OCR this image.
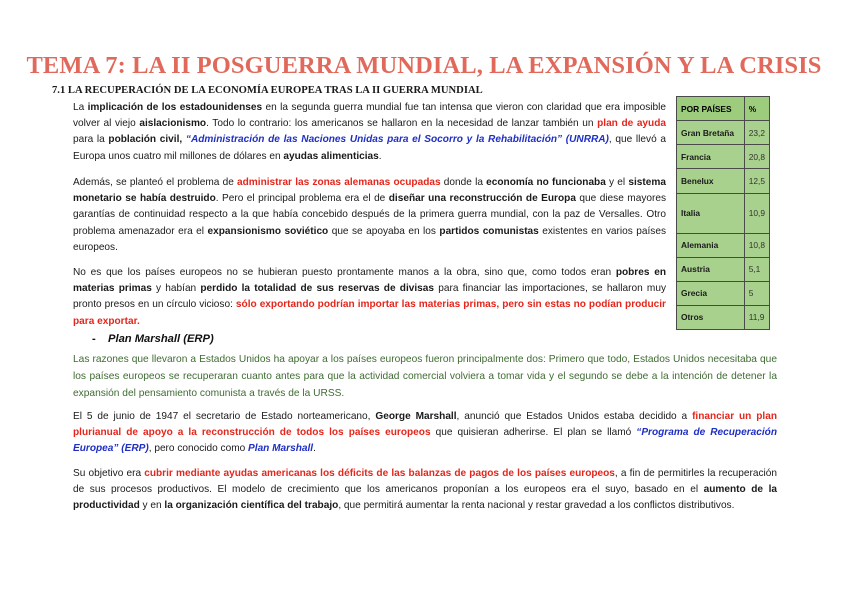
TEMA 7: LA II POSGUERRA MUNDIAL, LA EXPANSIÓN Y LA CRISIS
7.1 LA RECUPERACIÓN DE LA ECONOMÍA EUROPEA TRAS LA II GUERRA MUNDIAL

La implicación de los estadounidenses en la segunda guerra mundial fue tan intensa que vieron con claridad que era imposible volver al viejo aislacionismo. Todo lo contrario: los americanos se hallaron en la necesidad de lanzar también un plan de ayuda para la población civil, “Administración de las Naciones Unidas para el Socorro y la Rehabilitación” (UNRRA), que llevó a Europa unos cuatro mil millones de dólares en ayudas alimenticias.

Además, se planteó el problema de administrar las zonas alemanas ocupadas donde la economía no funcionaba y el sistema monetario se había destruido. Pero el principal problema era el de diseñar una reconstrucción de Europa que diese mayores garantías de continuidad respecto a la que había concebido después de la primera guerra mundial, con la paz de Versalles. Otro problema amenazador era el expansionismo soviético que se apoyaba en los partidos comunistas existentes en varios países europeos.

No es que los países europeos no se hubieran puesto prontamente manos a la obra, sino que, como todos eran pobres en materias primas y habían perdido la totalidad de sus reservas de divisas para financiar las importaciones, se hallaron muy pronto presos en un círculo vicioso: sólo exportando podrían importar las materias primas, pero sin estas no podían producir para exportar.

POR PAÍSES	%
Gran Bretaña	23,2
Francia	20,8
Benelux	12,5
Italia	10,9
Alemania	10,8
Austria	5,1
Grecia	5
Otros	11,9
- Plan Marshall (ERP)

Las razones que llevaron a Estados Unidos ha apoyar a los países europeos fueron principalmente dos: Primero que todo, Estados Unidos necesitaba que los países europeos se recuperaran cuanto antes para que la actividad comercial volviera a tomar vida y el segundo se debe a la intención de detener la expansión del pensamiento comunista a través de la URSS.

El 5 de junio de 1947 el secretario de Estado norteamericano, George Marshall, anunció que Estados Unidos estaba decidido a financiar un plan plurianual de apoyo a la reconstrucción de todos los países europeos que quisieran adherirse. El plan se llamó “Programa de Recuperación Europea” (ERP), pero conocido como Plan Marshall.

Su objetivo era cubrir mediante ayudas americanas los déficits de las balanzas de pagos de los países europeos, a fin de permitirles la recuperación de sus procesos productivos. El modelo de crecimiento que los americanos proponían a los europeos era el suyo, basado en el aumento de la productividad y en la organización científica del trabajo, que permitirá aumentar la renta nacional y restar gravedad a los conflictos distributivos.
